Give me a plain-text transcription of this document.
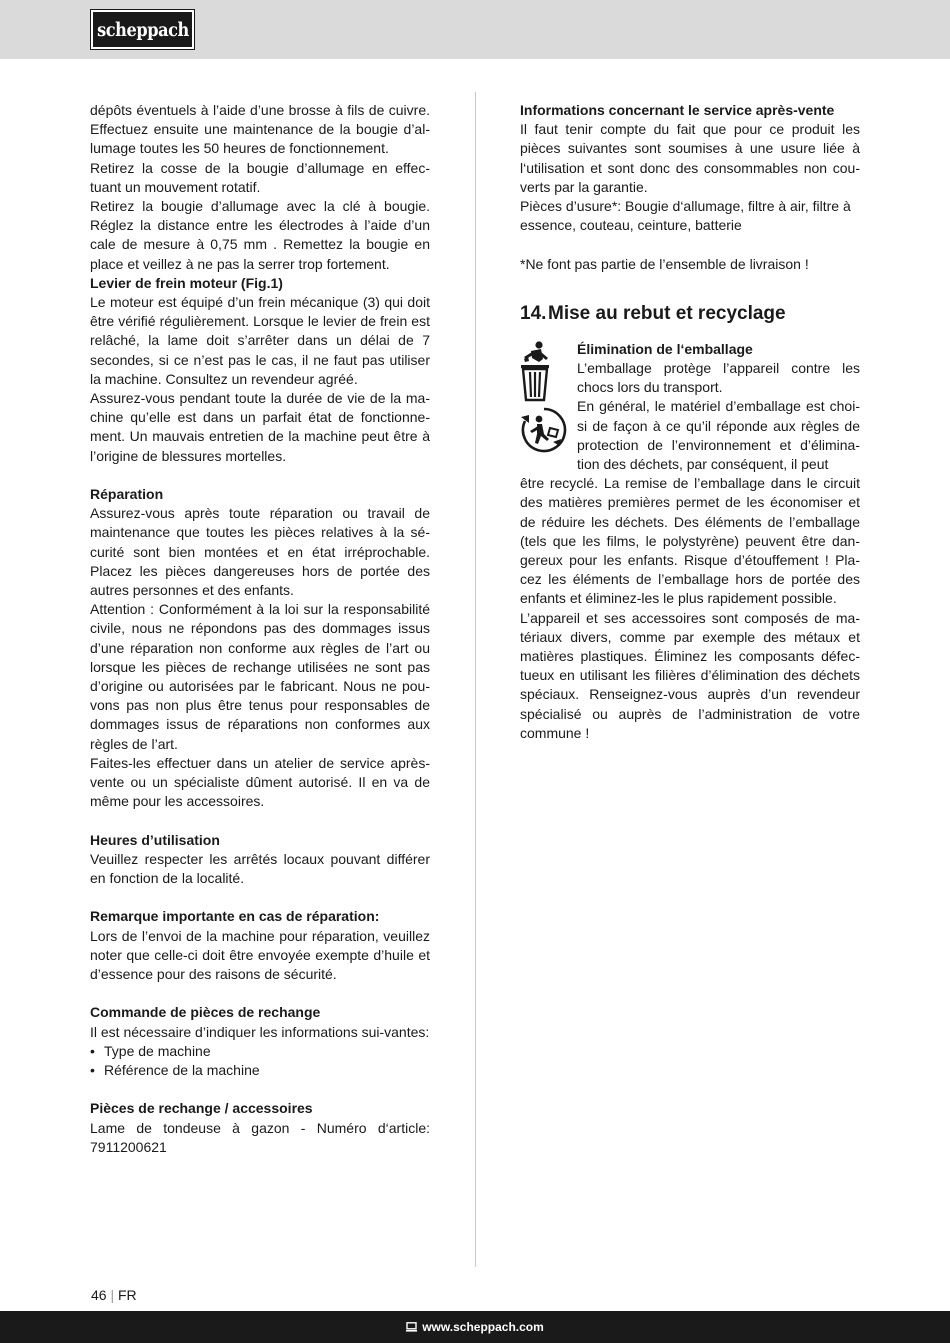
scheppach

dépôts éventuels à l’aide d’une brosse à fils de cuivre. Effectuez ensuite une maintenance de la bougie d’al-lumage toutes les 50 heures de fonctionnement.

Retirez la cosse de la bougie d’allumage en effec-tuant un mouvement rotatif.

Retirez la bougie d’allumage avec la clé à bougie. Réglez la distance entre les électrodes à l’aide d’un cale de mesure à 0,75 mm . Remettez la bougie en place et veillez à ne pas la serrer trop fortement.

Levier de frein moteur (Fig.1)

Le moteur est équipé d’un frein mécanique (3) qui doit être vérifié régulièrement. Lorsque le levier de frein est relâché, la lame doit s’arrêter dans un délai de 7 secondes, si ce n’est pas le cas, il ne faut pas utiliser la machine. Consultez un revendeur agréé.

Assurez-vous pendant toute la durée de vie de la ma-chine qu’elle est dans un parfait état de fonctionne-ment. Un mauvais entretien de la machine peut être à l’origine de blessures mortelles.

Réparation

Assurez-vous après toute réparation ou travail de maintenance que toutes les pièces relatives à la sé-curité sont bien montées et en état irréprochable. Placez les pièces dangereuses hors de portée des autres personnes et des enfants.

Attention : Conformément à la loi sur la responsabilité civile, nous ne répondons pas des dommages issus d’une réparation non conforme aux règles de l’art ou lorsque les pièces de rechange utilisées ne sont pas d’origine ou autorisées par le fabricant. Nous ne pou-vons pas non plus être tenus pour responsables de dommages issus de réparations non conformes aux règles de l’art.

Faites-les effectuer dans un atelier de service après-vente ou un spécialiste dûment autorisé. Il en va de même pour les accessoires.

Heures d’utilisation

Veuillez respecter les arrêtés locaux pouvant différer en fonction de la localité.

Remarque importante en cas de réparation:

Lors de l’envoi de la machine pour réparation, veuillez noter que celle-ci doit être envoyée exempte d’huile et d’essence pour des raisons de sécurité.

Commande de pièces de rechange

Il est nécessaire d’indiquer les informations sui-vantes:

• Type de machine
• Référence de la machine

Pièces de rechange / accessoires

Lame de tondeuse à gazon - Numéro d‘article: 7911200621

Informations concernant le service après-vente

Il faut tenir compte du fait que pour ce produit les pièces suivantes sont soumises à une usure liée à l‘utilisation et sont donc des consommables non cou-verts par la garantie.

Pièces d’usure*: Bougie d‘allumage, filtre à air, filtre à essence, couteau, ceinture, batterie

*Ne font pas partie de l’ensemble de livraison !

14.Mise au rebut et recyclage

Élimination de l‘emballage

L’emballage protège l’appareil contre les chocs lors du transport.

En général, le matériel d’emballage est choi-si de façon à ce qu’il réponde aux règles de protection de l’environnement et d’élimina-tion des déchets, par conséquent, il peut

être recyclé. La remise de l’emballage dans le circuit des matières premières permet de les économiser et de réduire les déchets. Des éléments de l’emballage (tels que les films, le polystyrène) peuvent être dan-gereux pour les enfants. Risque d’étouffement ! Pla-cez les éléments de l’emballage hors de portée des enfants et éliminez-les le plus rapidement possible.

L’appareil et ses accessoires sont composés de ma-tériaux divers, comme par exemple des métaux et matières plastiques. Éliminez les composants défec-tueux en utilisant les filières d’élimination des déchets spéciaux. Renseignez-vous auprès d’un revendeur spécialisé ou auprès de l’administration de votre commune !

46 | FR
www.scheppach.com
